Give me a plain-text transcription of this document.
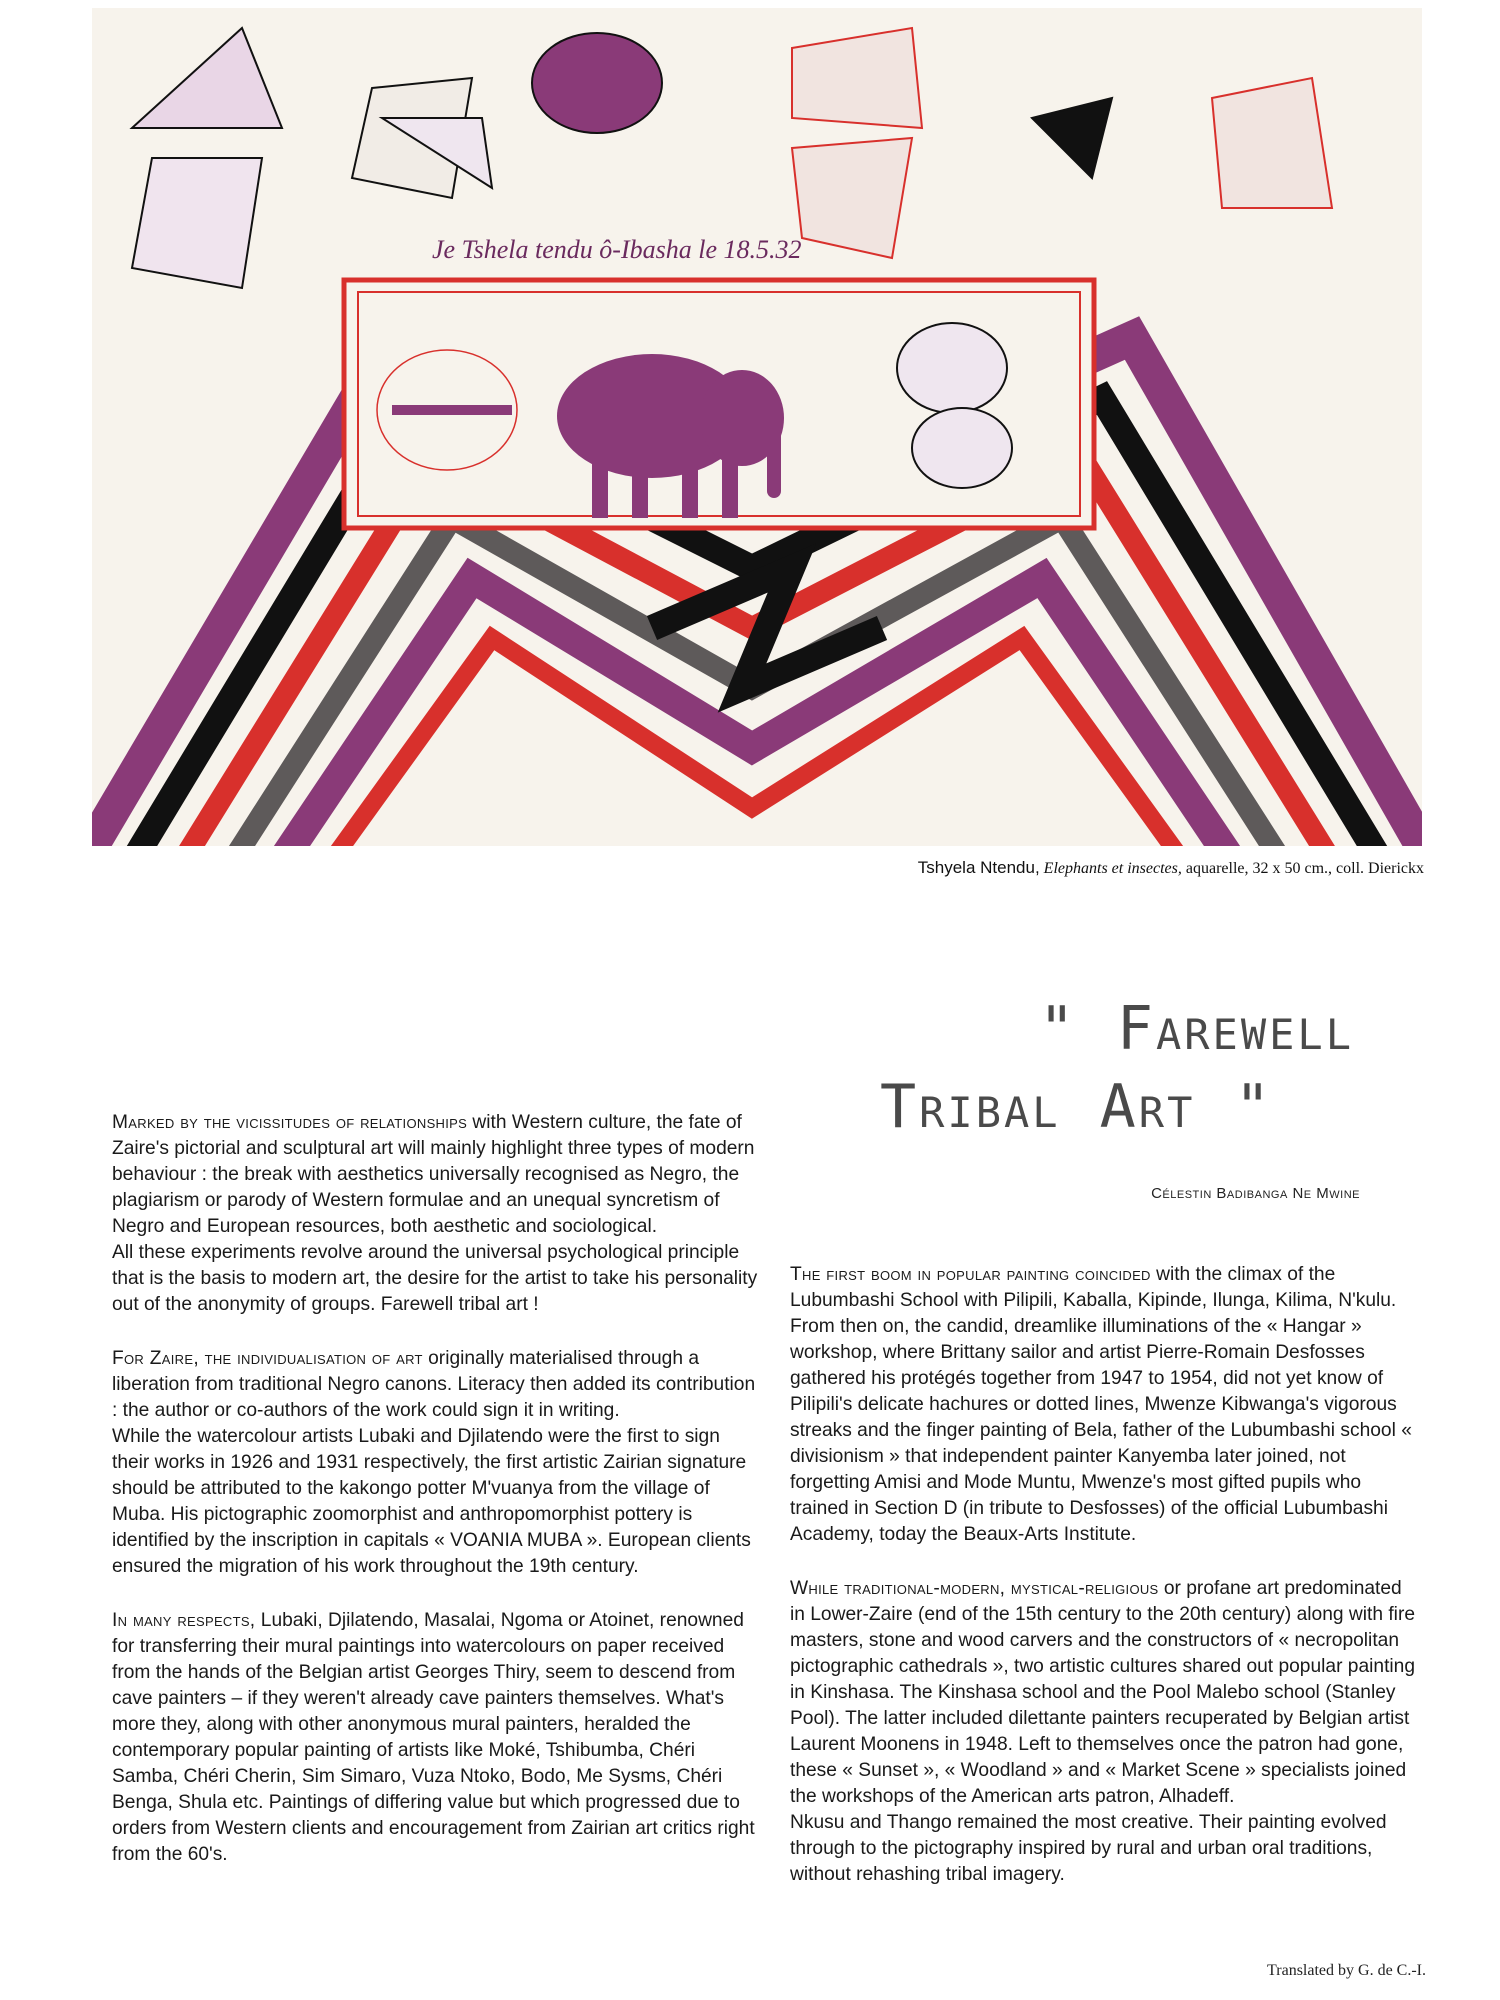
Je Tshela tendu ô-Ibasha le 18.5.32
Tshyela Ntendu, Elephants et insectes, aquarelle, 32 x 50 cm., coll. Dierickx
" Farewell
Tribal Art "
Célestin Badibanga Ne Mwine
Marked by the vicissitudes of relationships with Western culture, the fate of Zaire's pictorial and sculptural art will mainly highlight three types of modern behaviour : the break with aesthetics universally recognised as Negro, the plagiarism or parody of Western formulae and an unequal syncretism of Negro and European resources, both aesthetic and sociological.
All these experiments revolve around the universal psychological principle that is the basis to modern art, the desire for the artist to take his personality out of the anonymity of groups. Farewell tribal art !
For Zaire, the individualisation of art originally materialised through a liberation from traditional Negro canons. Literacy then added its contribution : the author or co-authors of the work could sign it in writing.
While the watercolour artists Lubaki and Djilatendo were the first to sign their works in 1926 and 1931 respectively, the first artistic Zairian signature should be attributed to the kakongo potter M'vuanya from the village of Muba. His pictographic zoomorphist and anthropomorphist pottery is identified by the inscription in capitals « VOANIA MUBA ». European clients ensured the migration of his work throughout the 19th century.
In many respects, Lubaki, Djilatendo, Masalai, Ngoma or Atoinet, renowned for transferring their mural paintings into watercolours on paper received from the hands of the Belgian artist Georges Thiry, seem to descend from cave painters – if they weren't already cave painters themselves. What's more they, along with other anonymous mural painters, heralded the contemporary popular painting of artists like Moké, Tshibumba, Chéri Samba, Chéri Cherin, Sim Simaro, Vuza Ntoko, Bodo, Me Sysms, Chéri Benga, Shula etc. Paintings of differing value but which progressed due to orders from Western clients and encouragement from Zairian art critics right from the 60's.
The first boom in popular painting coincided with the climax of the Lubumbashi School with Pilipili, Kaballa, Kipinde, Ilunga, Kilima, N'kulu. From then on, the candid, dreamlike illuminations of the « Hangar » workshop, where Brittany sailor and artist Pierre-Romain Desfosses gathered his protégés together from 1947 to 1954, did not yet know of Pilipili's delicate hachures or dotted lines, Mwenze Kibwanga's vigorous streaks and the finger painting of Bela, father of the Lubumbashi school « divisionism » that independent painter Kanyemba later joined, not forgetting Amisi and Mode Muntu, Mwenze's most gifted pupils who trained in Section D (in tribute to Desfosses) of the official Lubumbashi Academy, today the Beaux-Arts Institute.
While traditional-modern, mystical-religious or profane art predominated in Lower-Zaire (end of the 15th century to the 20th century) along with fire masters, stone and wood carvers and the constructors of « necropolitan pictographic cathedrals », two artistic cultures shared out popular painting in Kinshasa. The Kinshasa school and the Pool Malebo school (Stanley Pool). The latter included dilettante painters recuperated by Belgian artist Laurent Moonens in 1948. Left to themselves once the patron had gone, these « Sunset », « Woodland » and « Market Scene » specialists joined the workshops of the American arts patron, Alhadeff.
Nkusu and Thango remained the most creative. Their painting evolved through to the pictography inspired by rural and urban oral traditions, without rehashing tribal imagery.
Translated by G. de C.-I.
